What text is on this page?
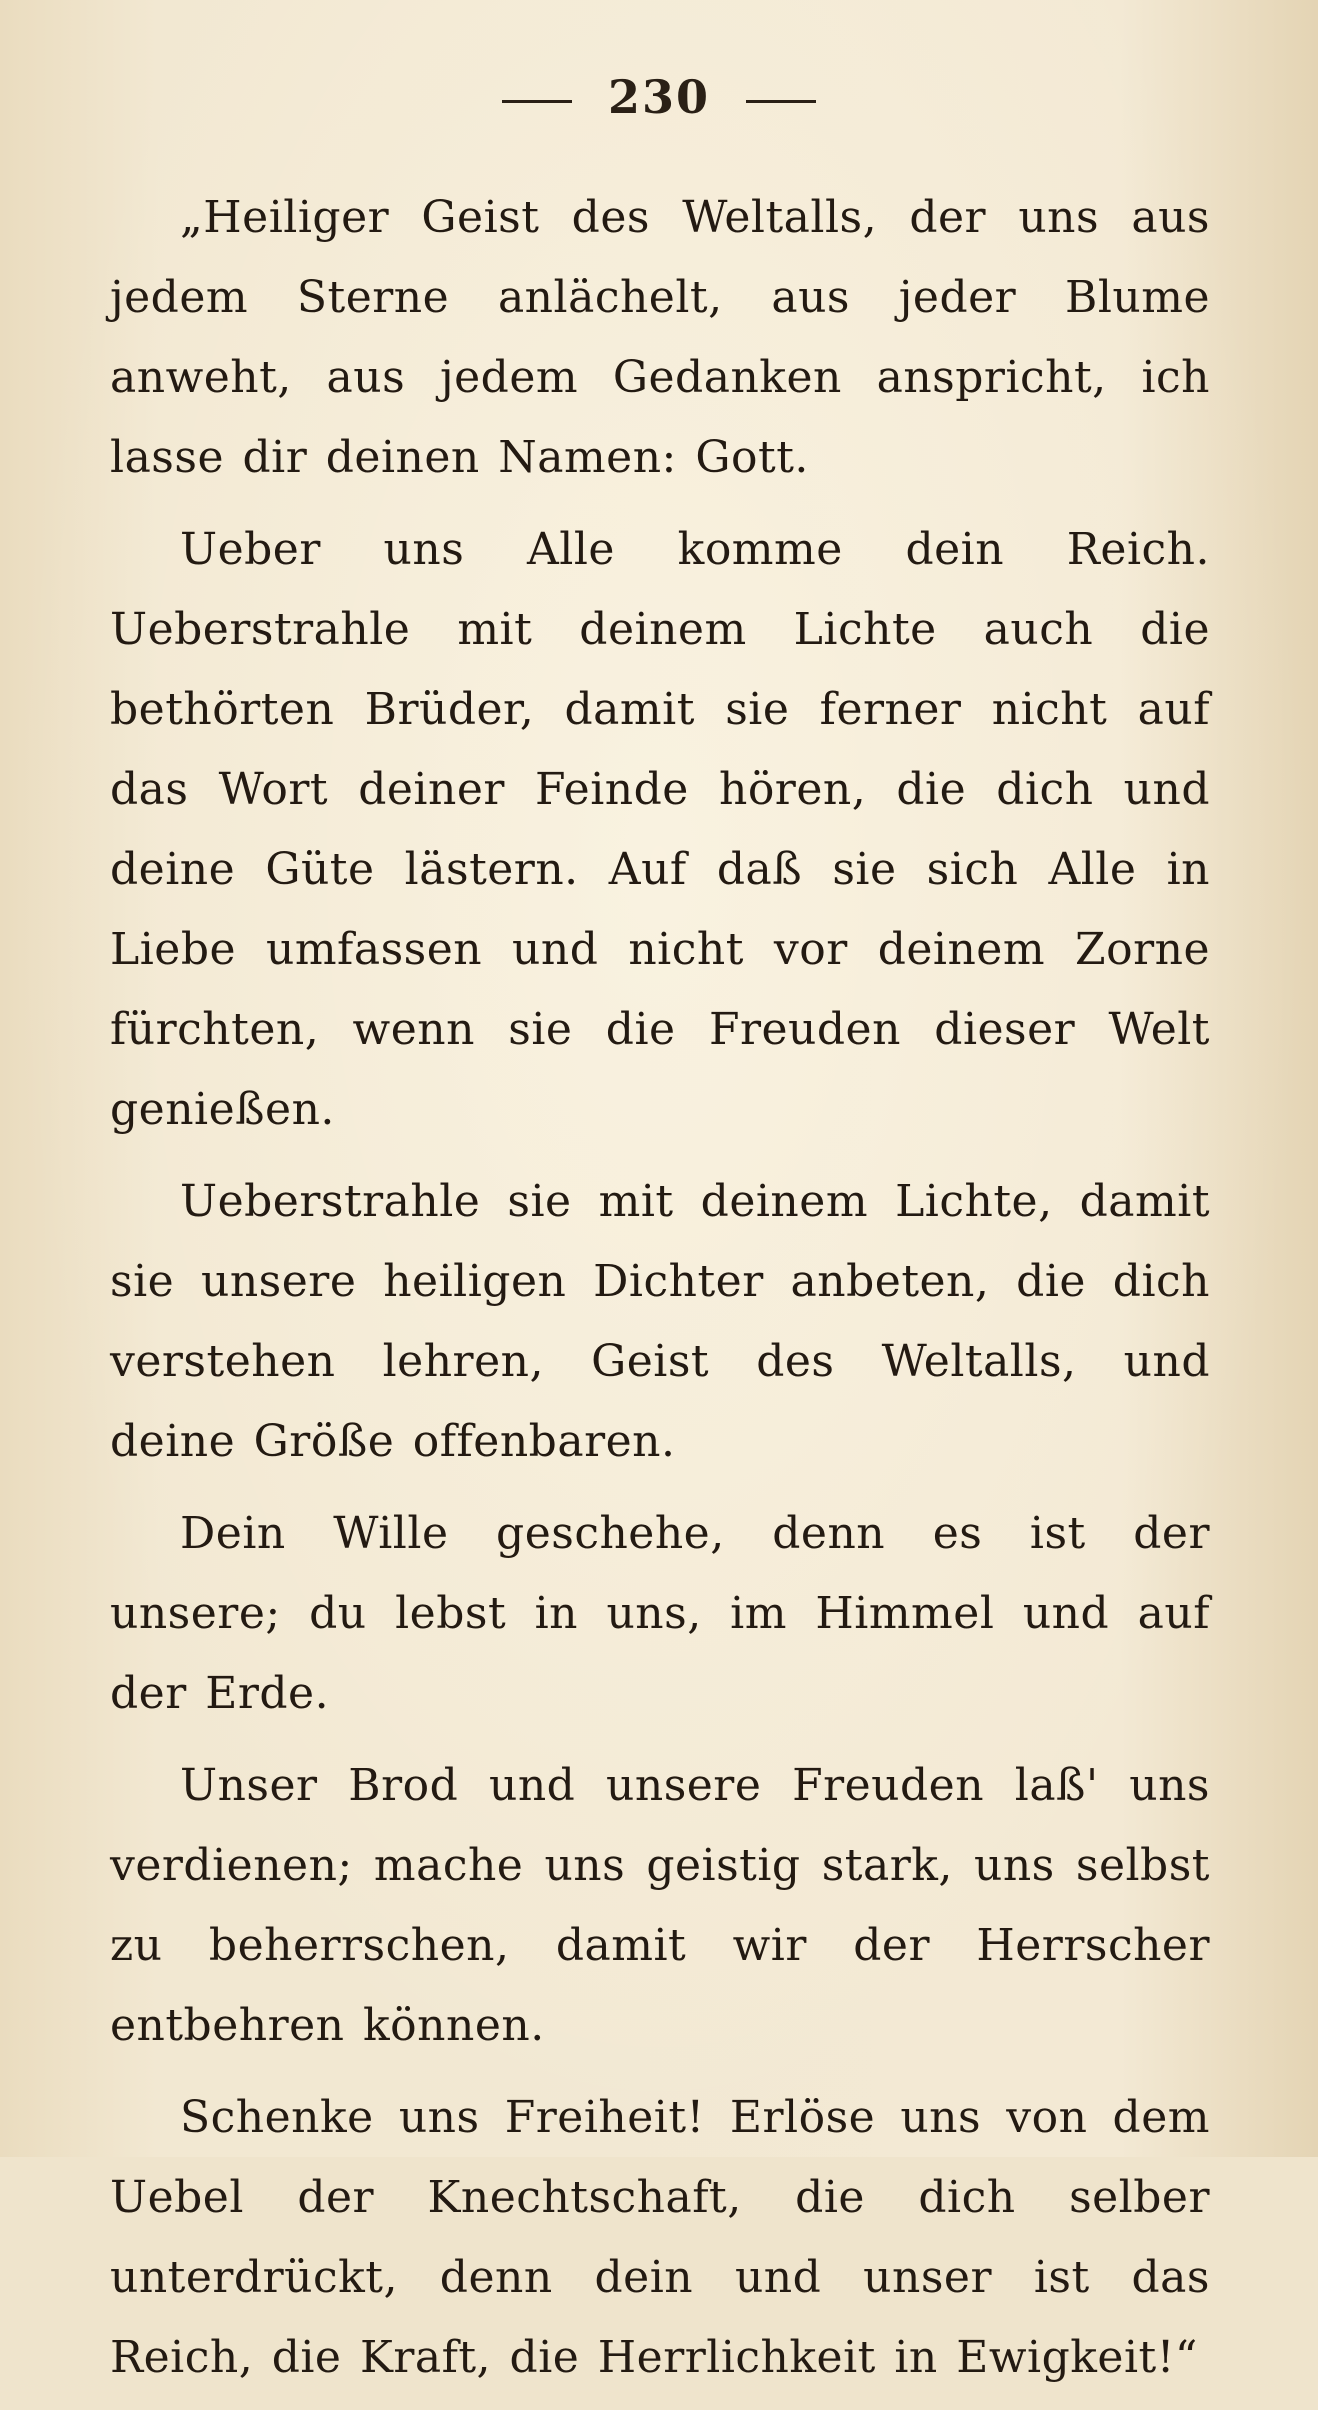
230

„Heiliger Geist des Weltalls, der uns aus jedem Sterne anlächelt, aus jeder Blume anweht, aus jedem Gedanken anspricht, ich lasse dir deinen Namen: Gott.

Ueber uns Alle komme dein Reich. Ueberstrahle mit deinem Lichte auch die bethörten Brüder, damit sie ferner nicht auf das Wort deiner Feinde hören, die dich und deine Güte lästern. Auf daß sie sich Alle in Liebe umfassen und nicht vor deinem Zorne fürchten, wenn sie die Freuden dieser Welt genießen.

Ueberstrahle sie mit deinem Lichte, damit sie unsere heiligen Dichter anbeten, die dich verstehen lehren, Geist des Weltalls, und deine Größe offenbaren.

Dein Wille geschehe, denn es ist der unsere; du lebst in uns, im Himmel und auf der Erde.

Unser Brod und unsere Freuden laß' uns verdienen; mache uns geistig stark, uns selbst zu beherrschen, damit wir der Herrscher entbehren können.

Schenke uns Freiheit! Erlöse uns von dem Uebel der Knechtschaft, die dich selber unterdrückt, denn dein und unser ist das Reich, die Kraft, die Herrlichkeit in Ewigkeit!“
